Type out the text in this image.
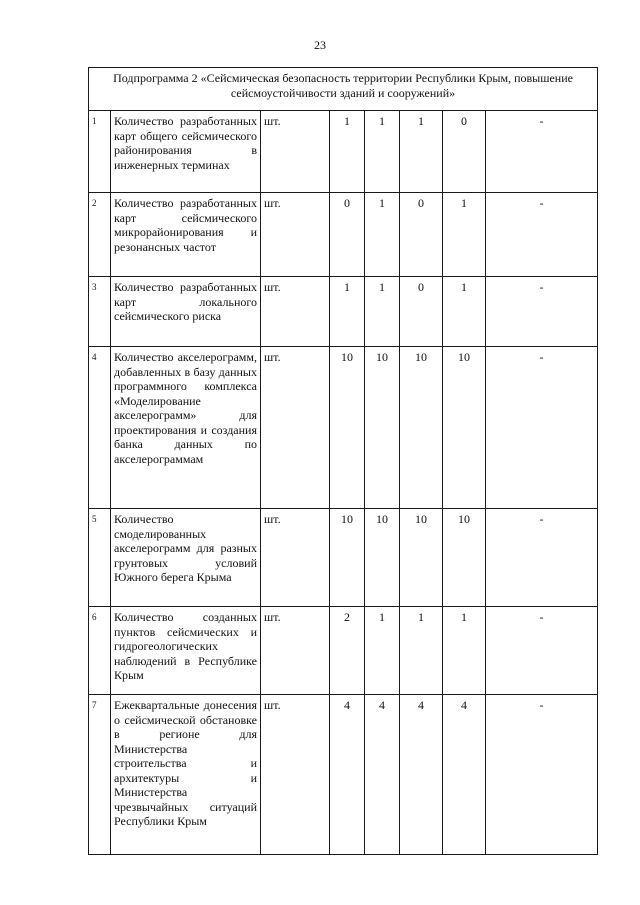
23
Подпрограмма 2 «Сейсмическая безопасность территории Республики Крым, повышение сейсмоустойчивости зданий и сооружений»							
1	Количество разработанных карт общего сейсмического районирования в инженерных терминах	шт.	1	1	1	0	-
2	Количество разработанных карт сейсмического микрорайонирования и резонансных частот	шт.	0	1	0	1	-
3	Количество разработанных карт локального сейсмического риска	шт.	1	1	0	1	-
4	Количество акселерограмм, добавленных в базу данных программного комплекса «Моделирование акселерограмм» для проектирования и создания банка данных по акселерограммам	шт.	10	10	10	10	-
5	Количество смоделированных акселерограмм для разных грунтовых условий Южного берега Крыма	шт.	10	10	10	10	-
6	Количество созданных пунктов сейсмических и гидрогеологических наблюдений в Республике Крым	шт.	2	1	1	1	-
7	Ежеквартальные донесения о сейсмической обстановке в регионе для Министерства строительства и архитектуры и Министерства чрезвычайных ситуаций Республики Крым	шт.	4	4	4	4	-
